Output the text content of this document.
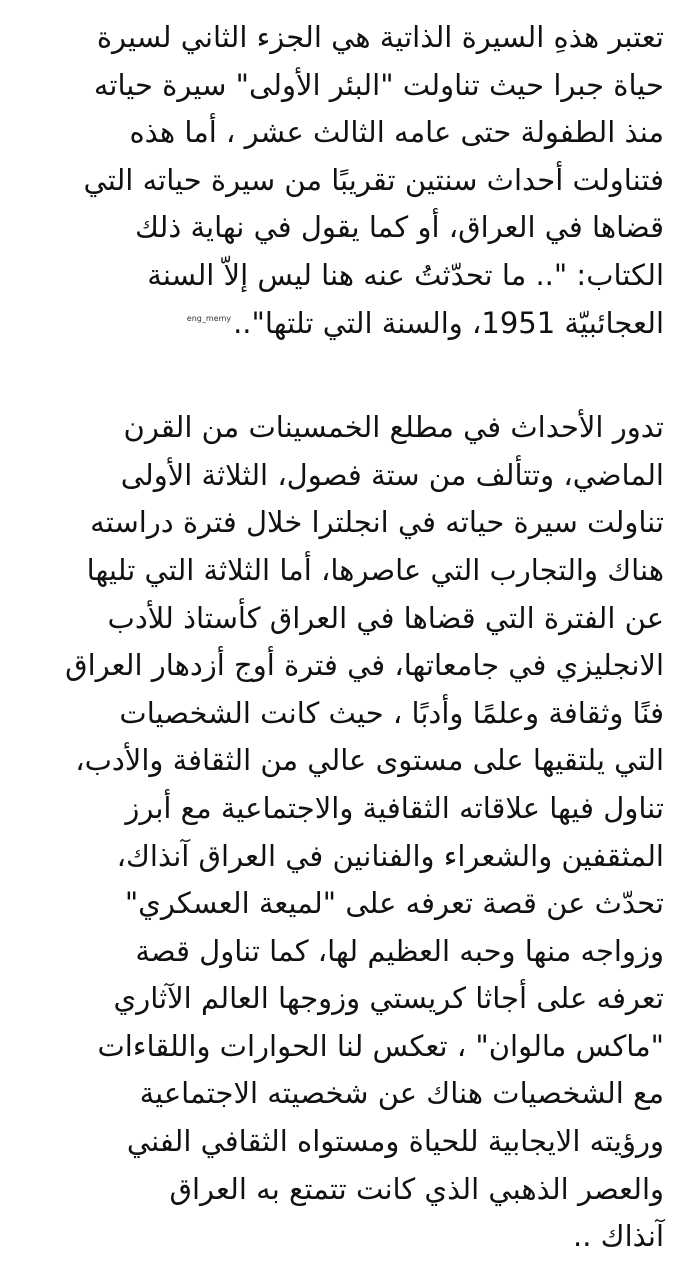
تعتبر هذهِ السيرة الذاتية هي الجزء الثاني لسيرة
حياة جبرا حيث تناولت "البئر الأولى" سيرة حياته
منذ الطفولة حتى عامه الثالث عشر ، أما هذه
فتناولت أحداث سنتين تقريبًا من سيرة حياته التي
قضاها في العراق، أو كما يقول في نهاية ذلك
الكتاب: ".. ما تحدّثتُ عنه هنا ليس إلاّ السنة
العجائبيّة 1951، والسنة التي تلتها"..$^{eng\_memy}$
تدور الأحداث في مطلع الخمسينات من القرن
الماضي، وتتألف من ستة فصول، الثلاثة الأولى
تناولت سيرة حياته في انجلترا خلال فترة دراسته
هناك والتجارب التي عاصرها، أما الثلاثة التي تليها
عن الفترة التي قضاها في العراق كأستاذ للأدب
الانجليزي في جامعاتها، في فترة أوج أزدهار العراق
فنًا وثقافة وعلمًا وأدبًا ، حيث كانت الشخصيات
التي يلتقيها على مستوى عالي من الثقافة والأدب،
تناول فيها علاقاته الثقافية والاجتماعية مع أبرز
المثقفين والشعراء والفنانين في العراق آنذاك،
تحدّث عن قصة تعرفه على "لميعة العسكري"
وزواجه منها وحبه العظيم لها، كما تناول قصة
تعرفه على أجاثا كريستي وزوجها العالم الآثاري
"ماكس مالوان" ، تعكس لنا الحوارات واللقاءات
مع الشخصيات هناك عن شخصيته الاجتماعية
ورؤيته الايجابية للحياة ومستواه الثقافي الفني
والعصر الذهبي الذي كانت تتمتع به العراق
آنذاك ..
